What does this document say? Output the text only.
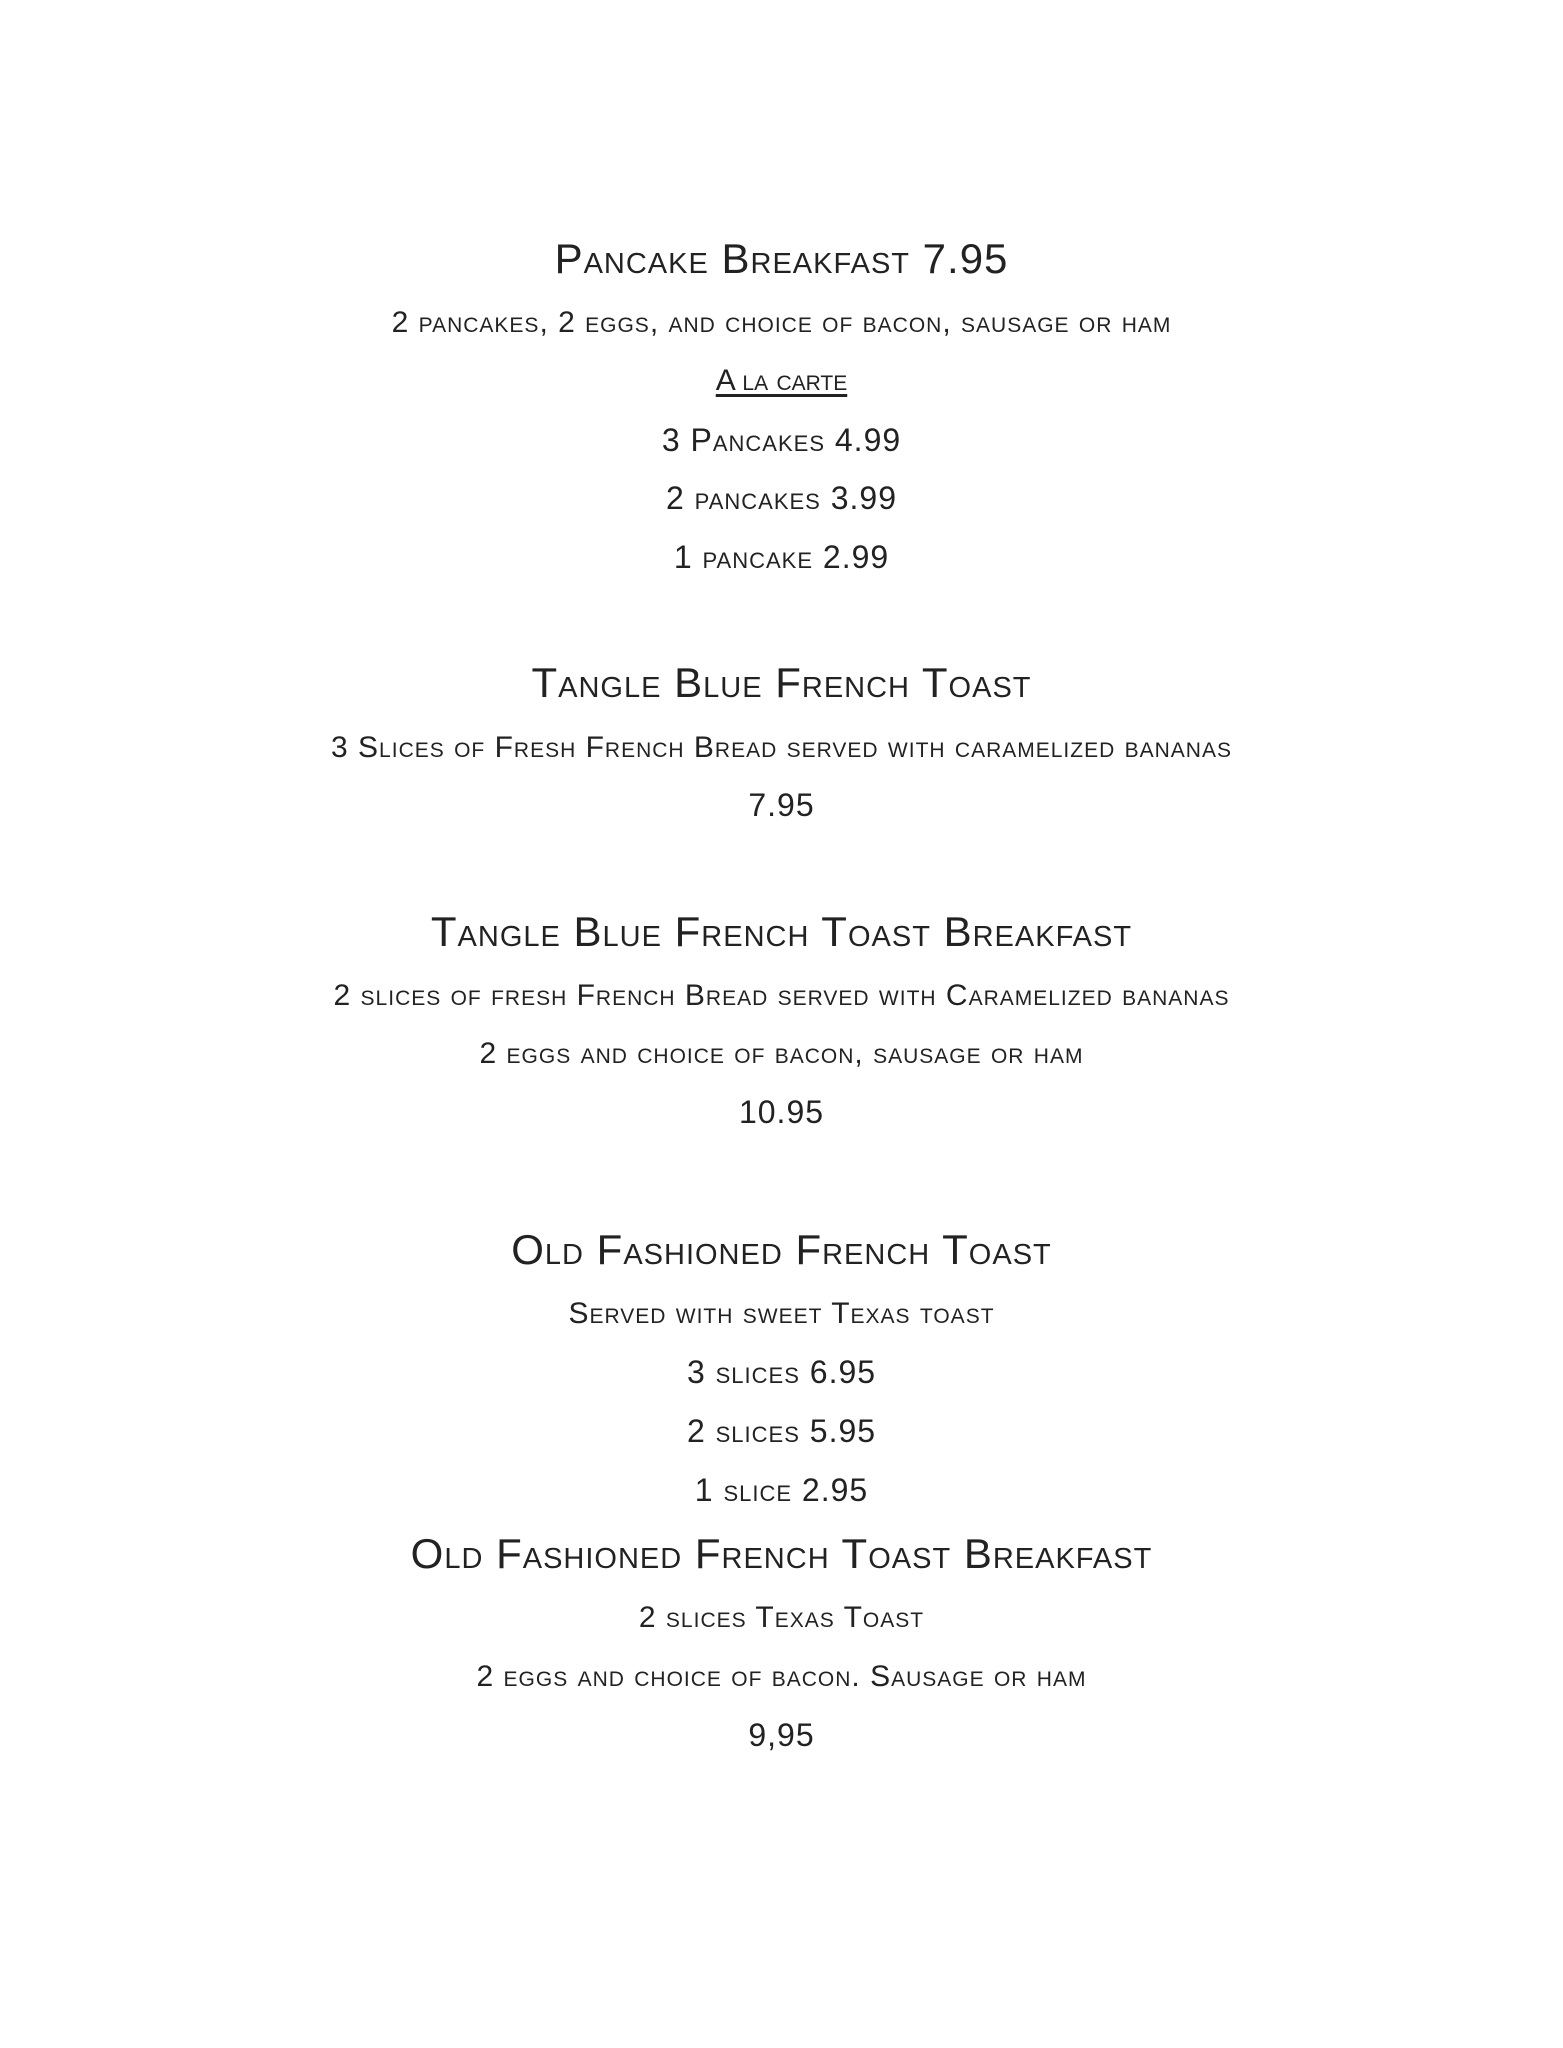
Pancake Breakfast 7.95
2 pancakes, 2 eggs, and choice of bacon, sausage or ham
A la carte
3 Pancakes 4.99
2 pancakes 3.99
1 pancake 2.99
Tangle Blue French Toast
3 Slices of Fresh French Bread served with caramelized bananas
7.95
Tangle Blue French Toast Breakfast
2 slices of fresh French Bread served with Caramelized bananas
2 eggs and choice of bacon, sausage or ham
10.95
Old Fashioned French Toast
Served with sweet Texas toast
3 slices 6.95
2 slices 5.95
1 slice 2.95
Old Fashioned French Toast Breakfast
2 slices Texas Toast
2 eggs and choice of bacon. Sausage or ham
9,95
